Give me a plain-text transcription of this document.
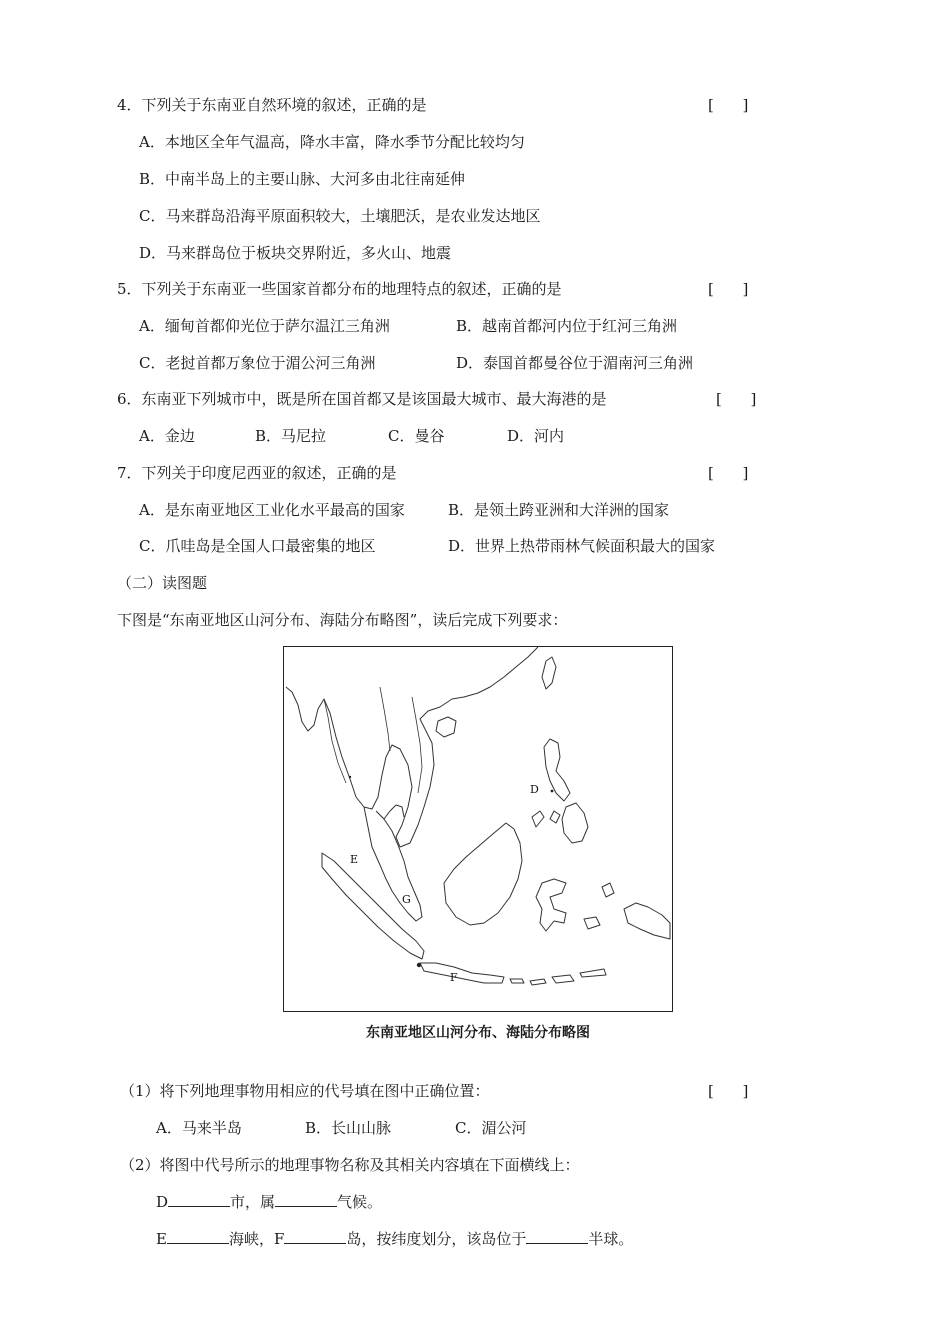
4．下列关于东南亚自然环境的叙述，正确的是	[      ]
A．本地区全年气温高，降水丰富，降水季节分配比较均匀
B．中南半岛上的主要山脉、大河多由北往南延伸
C．马来群岛沿海平原面积较大，土壤肥沃，是农业发达地区
D．马来群岛位于板块交界附近，多火山、地震
5．下列关于东南亚一些国家首都分布的地理特点的叙述，正确的是	[      ]
A．缅甸首都仰光位于萨尔温江三角洲	B．越南首都河内位于红河三角洲
C．老挝首都万象位于湄公河三角洲	D．泰国首都曼谷位于湄南河三角洲
6．东南亚下列城市中，既是所在国首都又是该国最大城市、最大海港的是	[      ]
A．金边	B．马尼拉	C．曼谷	D．河内
7．下列关于印度尼西亚的叙述，正确的是	[      ]
A．是东南亚地区工业化水平最高的国家	B．是领土跨亚洲和大洋洲的国家
C．爪哇岛是全国人口最密集的地区	D．世界上热带雨林气候面积最大的国家
（二）读图题
下图是“东南亚地区山河分布、海陆分布略图”，读后完成下列要求：
D
E
G
F
东南亚地区山河分布、海陆分布略图
（1）将下列地理事物用相应的代号填在图中正确位置：	[      ]
A．马来半岛	B．长山山脉	C．湄公河
（2）将图中代号所示的地理事物名称及其相关内容填在下面横线上：
D	市，属	气候。
E	海峡，F	岛，按纬度划分，该岛位于	半球。
